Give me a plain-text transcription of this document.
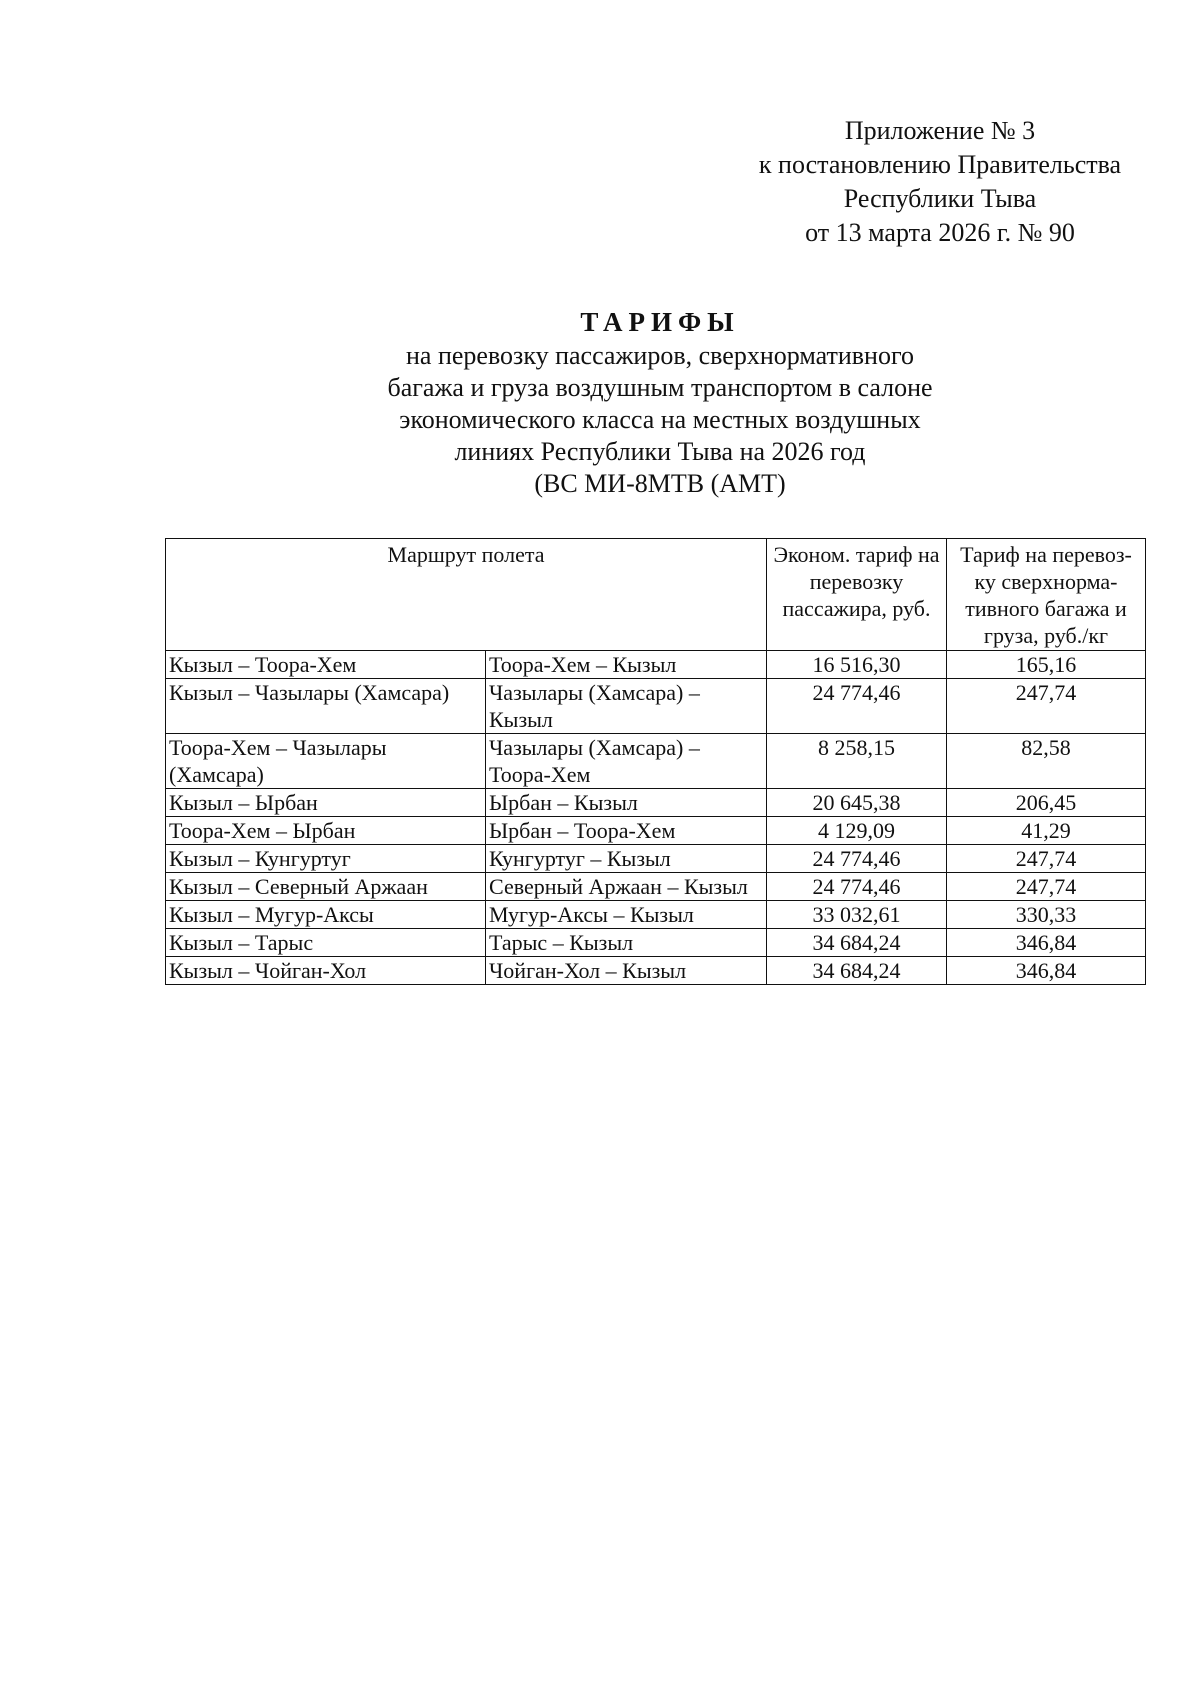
Приложение № 3
к постановлению Правительства
Республики Тыва
от 13 марта 2026 г. № 90
ТАРИФЫ
на перевозку пассажиров, сверхнормативного
багажа и груза воздушным транспортом в салоне
экономического класса на местных воздушных
линиях Республики Тыва на 2026 год
(ВС МИ-8МТВ (АМТ)
Маршрут полета		Эконом. тариф на перевозку пассажира, руб.	Тариф на перевоз-ку сверхнорма-тивного багажа и груза, руб./кг
Кызыл – Тоора-Хем	Тоора-Хем – Кызыл	16 516,30	165,16
Кызыл – Чазылары (Хамсара)	Чазылары (Хамсара) – Кызыл	24 774,46	247,74
Тоора-Хем – Чазылары (Хамсара)	Чазылары (Хамсара) – Тоора-Хем	8 258,15	82,58
Кызыл – Ырбан	Ырбан – Кызыл	20 645,38	206,45
Тоора-Хем – Ырбан	Ырбан – Тоора-Хем	4 129,09	41,29
Кызыл – Кунгуртуг	Кунгуртуг – Кызыл	24 774,46	247,74
Кызыл – Северный Аржаан	Северный Аржаан – Кызыл	24 774,46	247,74
Кызыл – Мугур-Аксы	Мугур-Аксы – Кызыл	33 032,61	330,33
Кызыл – Тарыс	Тарыс – Кызыл	34 684,24	346,84
Кызыл – Чойган-Хол	Чойган-Хол – Кызыл	34 684,24	346,84
